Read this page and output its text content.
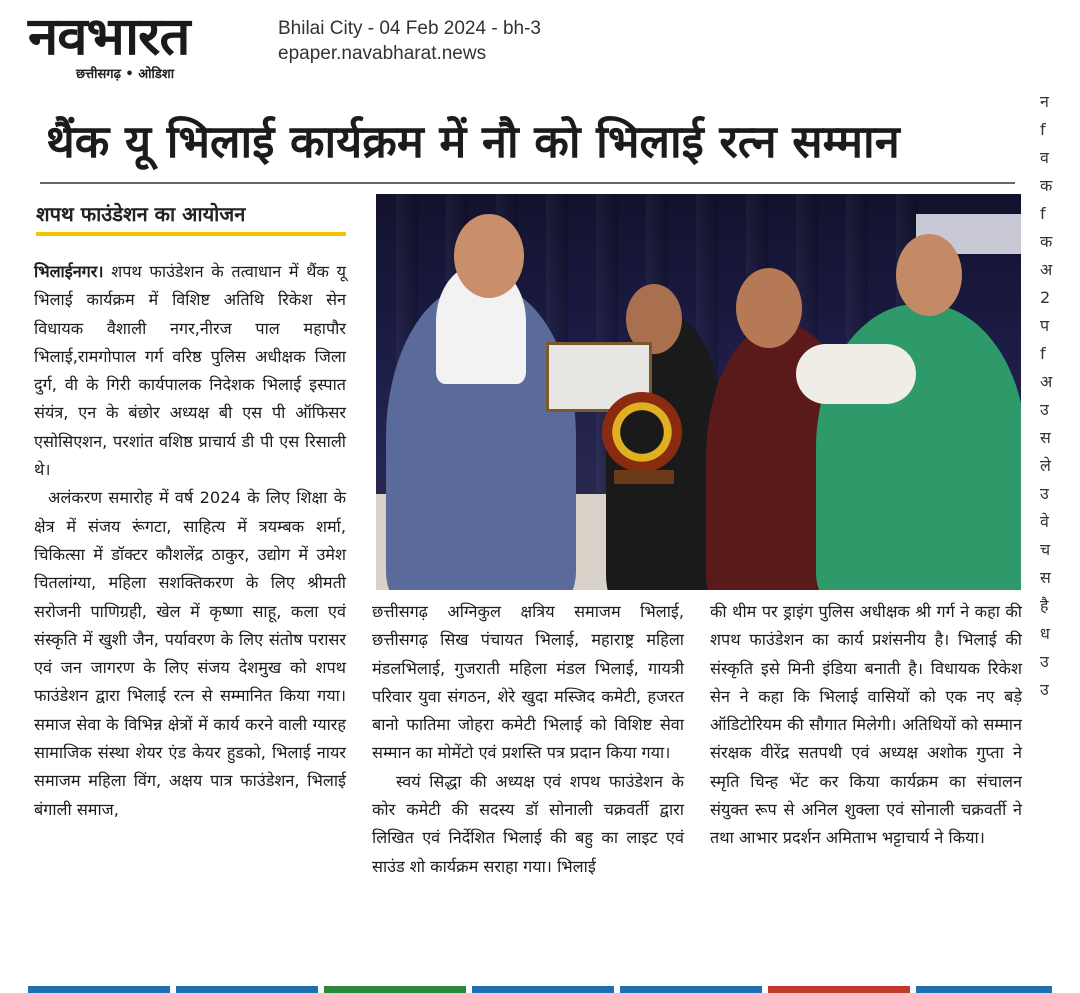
नवभारत
छत्तीसगढ़ • ओडिशा
Bhilai City - 04 Feb 2024 - bh-3
epaper.navabharat.news
थैंक यू भिलाई कार्यक्रम में नौ को भिलाई रत्न सम्मान
शपथ फाउंडेशन का आयोजन

भिलाईनगर। शपथ फाउंडेशन के तत्वाधान में थैंक यू भिलाई कार्यक्रम में विशिष्ट अतिथि रिकेश सेन विधायक वैशाली नगर,नीरज पाल महापौर भिलाई,रामगोपाल गर्ग वरिष्ठ पुलिस अधीक्षक जिला दुर्ग, वी के गिरी कार्यपालक निदेशक भिलाई इस्पात संयंत्र, एन के बंछोर अध्यक्ष बी एस पी ऑफिसर एसोसिएशन, परशांत वशिष्ठ प्राचार्य डी पी एस रिसाली थे।

अलंकरण समारोह में वर्ष 2024 के लिए शिक्षा के क्षेत्र में संजय रूंगटा, साहित्य में त्रयम्बक शर्मा, चिकित्सा में डॉक्टर कौशलेंद्र ठाकुर, उद्योग में उमेश चितलांग्या, महिला सशक्तिकरण के लिए श्रीमती सरोजनी पाणिग्रही, खेल में कृष्णा साहू, कला एवं संस्कृति में खुशी जैन, पर्यावरण के लिए संतोष परासर एवं जन जागरण के लिए संजय देशमुख को शपथ फाउंडेशन द्वारा भिलाई रत्न से सम्मानित किया गया। समाज सेवा के विभिन्न क्षेत्रों में कार्य करने वाली ग्यारह सामाजिक संस्था शेयर एंड केयर हुडको, भिलाई नायर समाजम महिला विंग, अक्षय पात्र फाउंडेशन, भिलाई बंगाली समाज,

छत्तीसगढ़ अग्निकुल क्षत्रिय समाजम भिलाई, छत्तीसगढ़ सिख पंचायत भिलाई, महाराष्ट्र महिला मंडलभिलाई, गुजराती महिला मंडल भिलाई, गायत्री परिवार युवा संगठन, शेरे खुदा मस्जिद कमेटी, हजरत बानो फातिमा जोहरा कमेटी भिलाई को विशिष्ट सेवा सम्मान का मोमेंटो एवं प्रशस्ति पत्र प्रदान किया गया।

स्वयं सिद्धा की अध्यक्ष एवं शपथ फाउंडेशन के कोर कमेटी की सदस्य डॉ सोनाली चक्रवर्ती द्वारा लिखित एवं निर्देशित भिलाई की बहु का लाइट एवं साउंड शो कार्यक्रम सराहा गया। भिलाई

की थीम पर ड्राइंग पुलिस अधीक्षक श्री गर्ग ने कहा की शपथ फाउंडेशन का कार्य प्रशंसनीय है। भिलाई की संस्कृति इसे मिनी इंडिया बनाती है। विधायक रिकेश सेन ने कहा कि भिलाई वासियों को एक नए बड़े ऑडिटोरियम की सौगात मिलेगी। अतिथियों को सम्मान संरक्षक वीरेंद्र सतपथी एवं अध्यक्ष अशोक गुप्ता ने स्मृति चिन्ह भेंट कर किया कार्यक्रम का संचालन संयुक्त रूप से अनिल शुक्ला एवं सोनाली चक्रवर्ती ने तथा आभार प्रदर्शन अमिताभ भट्टाचार्य ने किया।

न
f
व
क
f
क
अ
2
प
f
अ
उ
स
ले
उ
वे
च
स
है
ध
उ
उ
